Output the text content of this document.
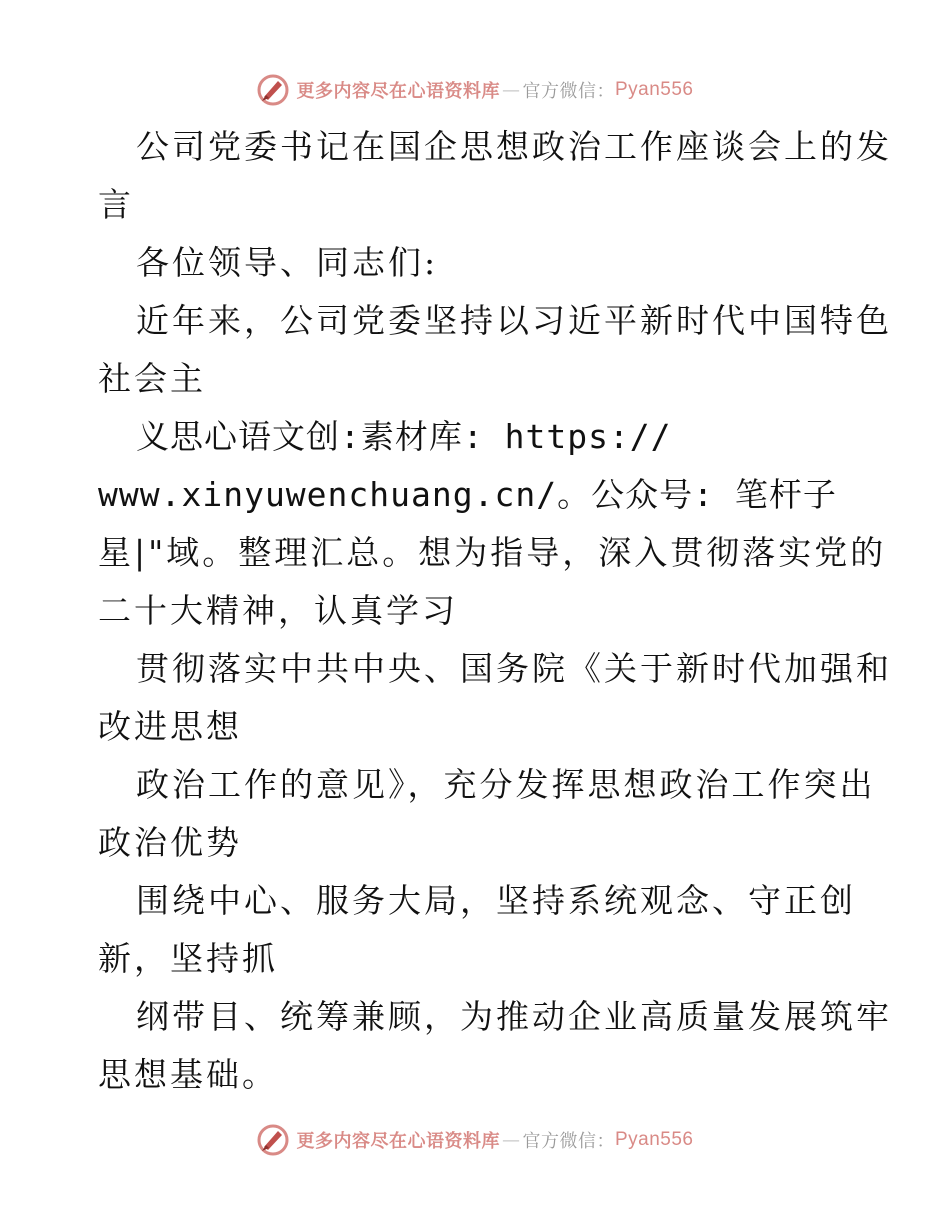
更多内容尽在心语资料库 — 官方微信： Pyan556
公司党委书记在国企思想政治工作座谈会上的发
言
各位领导、同志们:
近年来，公司党委坚持以习近平新时代中国特色
社会主
义思心语文创:素材库: https://
www.xinyuwenchuang.cn/。公众号: 笔杆子
星|"域。整理汇总。想为指导，深入贯彻落实党的
二十大精神，认真学习
贯彻落实中共中央、国务院《关于新时代加强和
改进思想
政治工作的意见》，充分发挥思想政治工作突出
政治优势
围绕中心、服务大局，坚持系统观念、守正创
新，坚持抓
纲带目、统筹兼顾，为推动企业高质量发展筑牢
思想基础。
更多内容尽在心语资料库 — 官方微信： Pyan556
